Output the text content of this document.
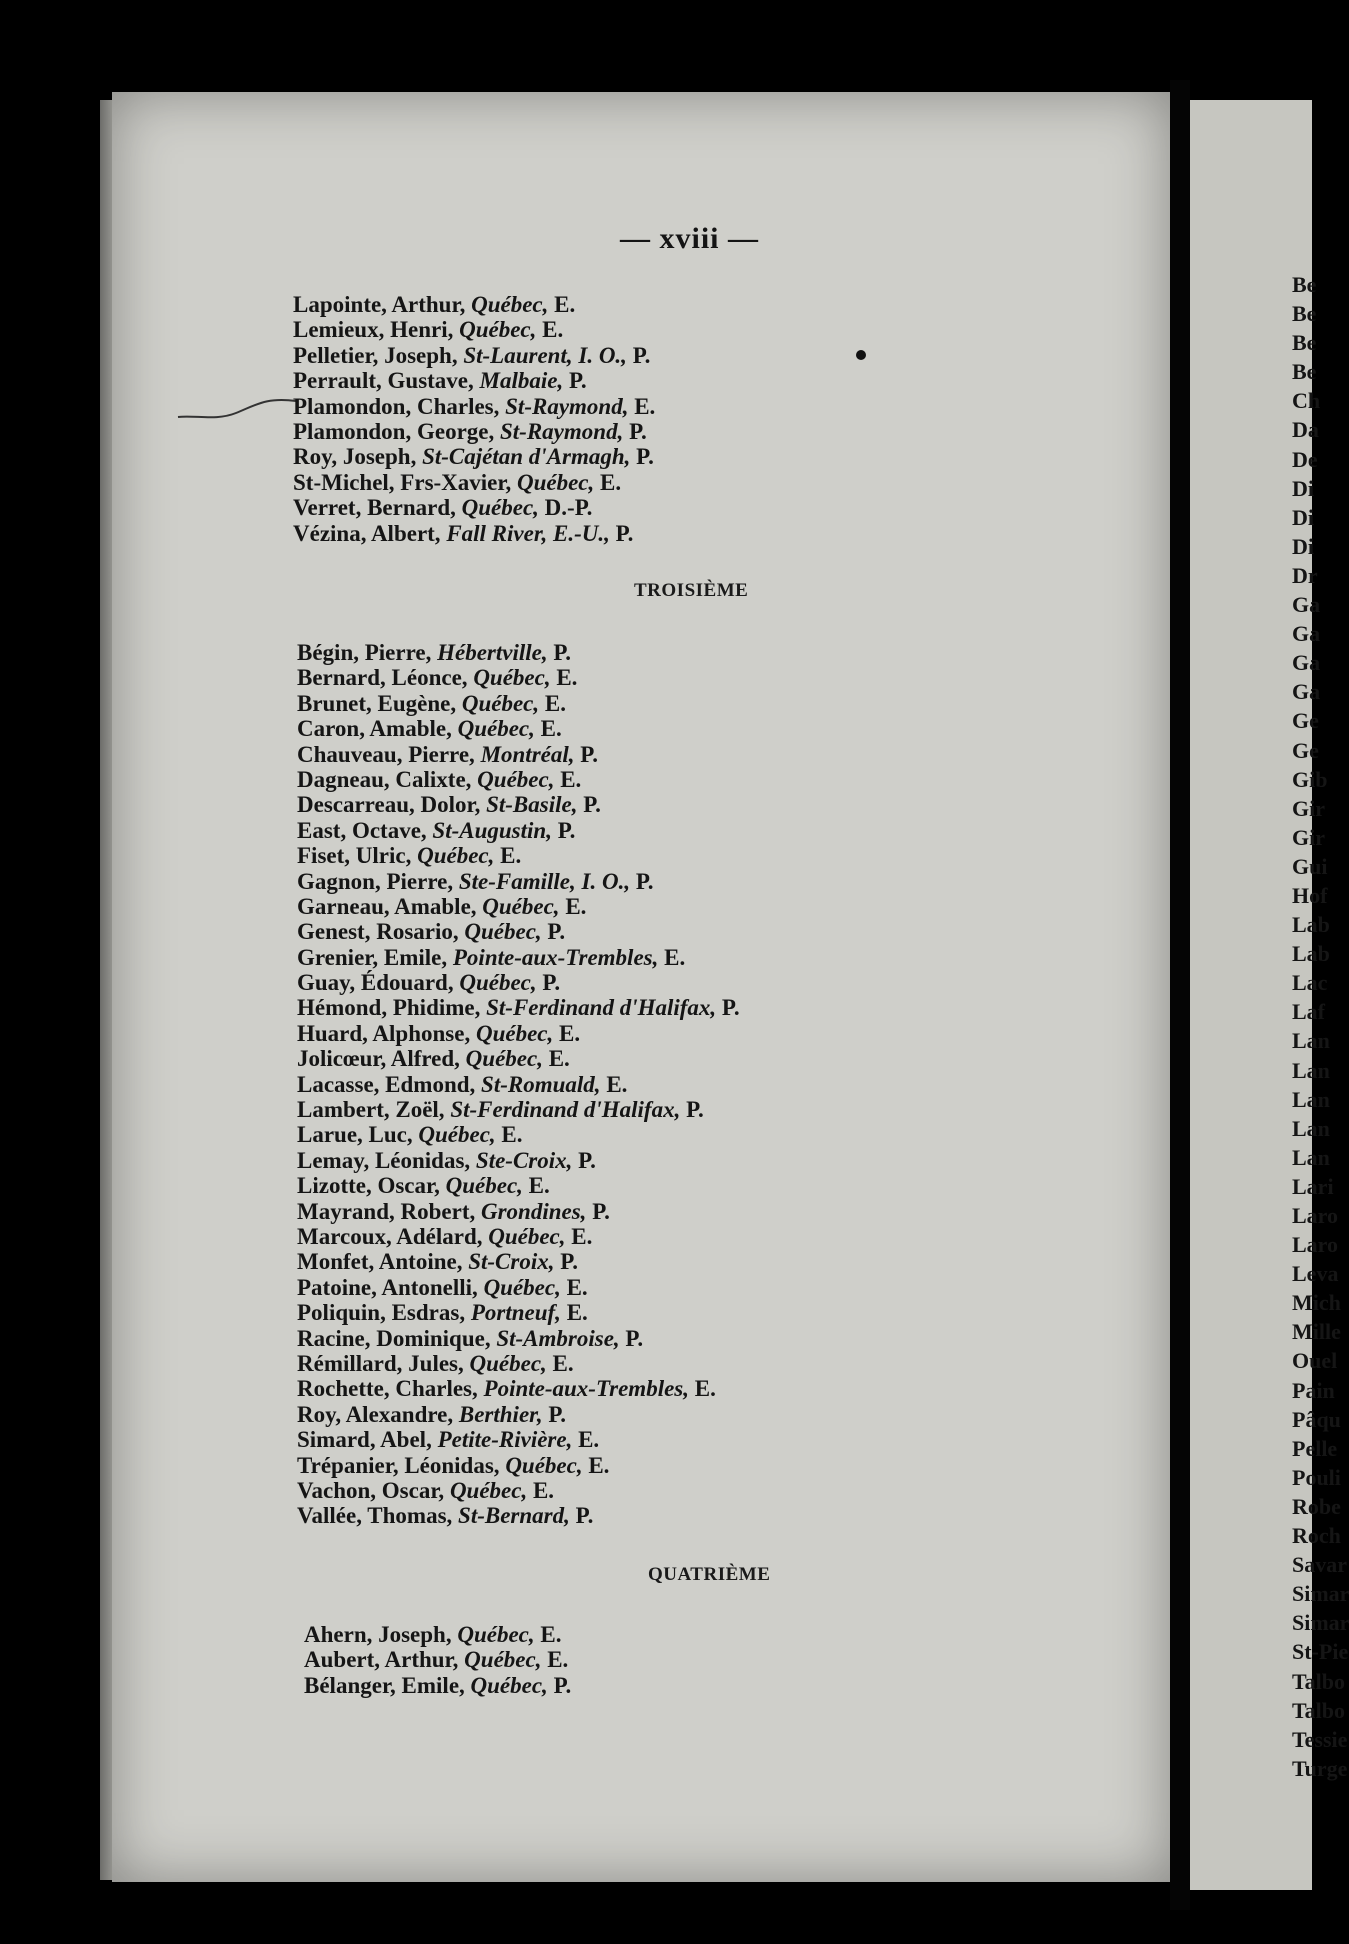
— xviii —
Lapointe, Arthur, Québec, E.
Lemieux, Henri, Québec, E.
Pelletier, Joseph, St-Laurent, I. O., P.
Perrault, Gustave, Malbaie, P.
Plamondon, Charles, St-Raymond, E.
Plamondon, George, St-Raymond, P.
Roy, Joseph, St-Cajétan d'Armagh, P.
St-Michel, Frs-Xavier, Québec, E.
Verret, Bernard, Québec, D.-P.
Vézina, Albert, Fall River, E.-U., P.
TROISIÈME
Bégin, Pierre, Hébertville, P.
Bernard, Léonce, Québec, E.
Brunet, Eugène, Québec, E.
Caron, Amable, Québec, E.
Chauveau, Pierre, Montréal, P.
Dagneau, Calixte, Québec, E.
Descarreau, Dolor, St-Basile, P.
East, Octave, St-Augustin, P.
Fiset, Ulric, Québec, E.
Gagnon, Pierre, Ste-Famille, I. O., P.
Garneau, Amable, Québec, E.
Genest, Rosario, Québec, P.
Grenier, Emile, Pointe-aux-Trembles, E.
Guay, Édouard, Québec, P.
Hémond, Phidime, St-Ferdinand d'Halifax, P.
Huard, Alphonse, Québec, E.
Jolicœur, Alfred, Québec, E.
Lacasse, Edmond, St-Romuald, E.
Lambert, Zoël, St-Ferdinand d'Halifax, P.
Larue, Luc, Québec, E.
Lemay, Léonidas, Ste-Croix, P.
Lizotte, Oscar, Québec, E.
Mayrand, Robert, Grondines, P.
Marcoux, Adélard, Québec, E.
Monfet, Antoine, St-Croix, P.
Patoine, Antonelli, Québec, E.
Poliquin, Esdras, Portneuf, E.
Racine, Dominique, St-Ambroise, P.
Rémillard, Jules, Québec, E.
Rochette, Charles, Pointe-aux-Trembles, E.
Roy, Alexandre, Berthier, P.
Simard, Abel, Petite-Rivière, E.
Trépanier, Léonidas, Québec, E.
Vachon, Oscar, Québec, E.
Vallée, Thomas, St-Bernard, P.
QUATRIÈME
Ahern, Joseph, Québec, E.
Aubert, Arthur, Québec, E.
Bélanger, Emile, Québec, P.
Be
Be
Be
Be
Ch
Da
De
Di
Di
Di
Dr
Ga
Ga
Ga
Ga
Ge
Ge
Gib
Gir
Gir
Gui
Hof
Lab
Lab
Lac
Laf
Lan
Lan
Lan
Lan
Lan
Lari
Laro
Laro
Leva
Mich
Mille
Ouel
Pain
Pâqu
Pelle
Pouli
Robe
Roch
Savar
Simar
Simar
St-Pie
Talbo
Talbo
Tessie
Turge
